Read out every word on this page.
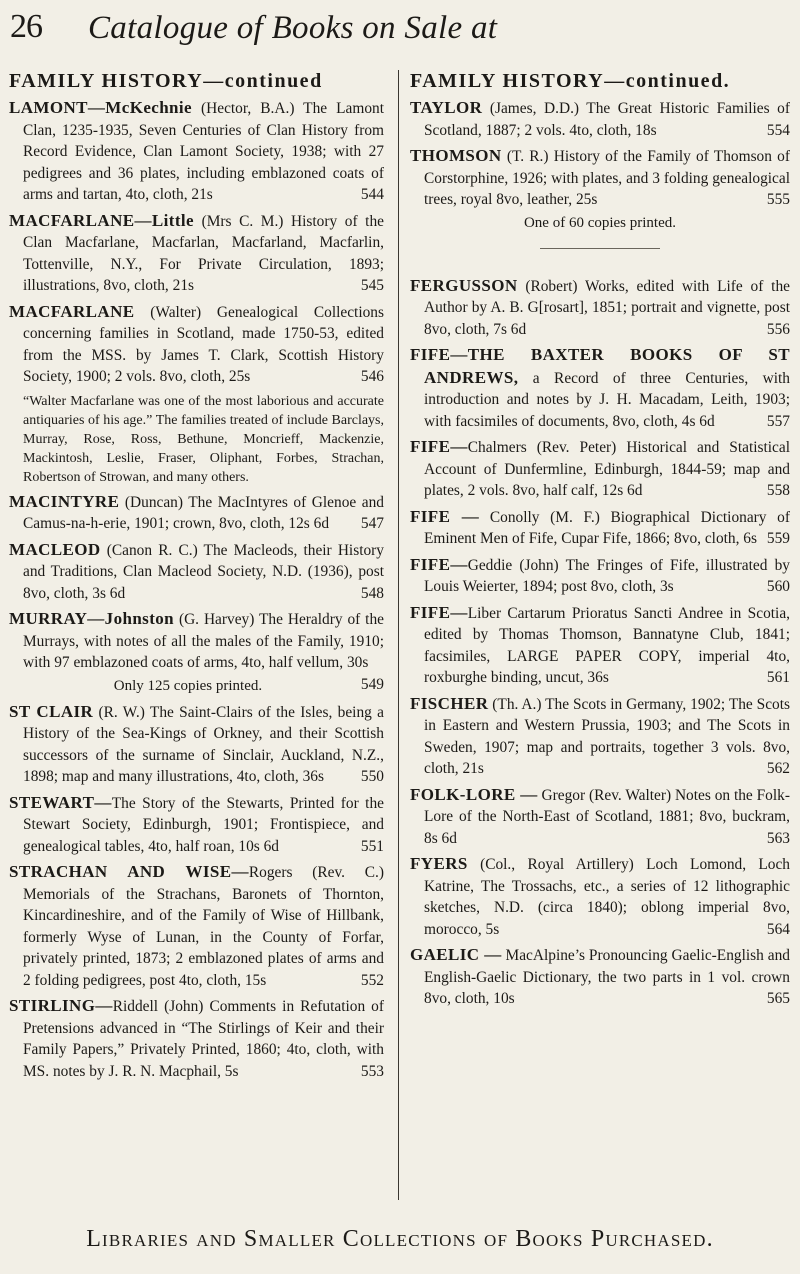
26 Catalogue of Books on Sale at
FAMILY HISTORY—continued

LAMONT—McKechnie (Hector, B.A.) The Lamont Clan, 1235-1935, Seven Centuries of Clan History from Record Evidence, Clan Lamont Society, 1938; with 27 pedigrees and 36 plates, including emblazoned coats of arms and tartan, 4to, cloth, 21s	544

MACFARLANE—Little (Mrs C. M.) History of the Clan Macfarlane, Macfarlan, Macfarland, Macfarlin, Tottenville, N.Y., For Private Circulation, 1893; illustrations, 8vo, cloth, 21s	545

MACFARLANE (Walter) Genealogical Collections concerning families in Scotland, made 1750-53, edited from the MSS. by James T. Clark, Scottish History Society, 1900; 2 vols. 8vo, cloth, 25s	546

“Walter Macfarlane was one of the most laborious and accurate antiquaries of his age.” The families treated of include Barclays, Murray, Rose, Ross, Bethune, Moncrieff, Mackenzie, Mackintosh, Leslie, Fraser, Oliphant, Forbes, Strachan, Robertson of Strowan, and many others.

MACINTYRE (Duncan) The MacIntyres of Glenoe and Camus-na-h-erie, 1901; crown, 8vo, cloth, 12s 6d 547

MACLEOD (Canon R. C.) The Macleods, their History and Traditions, Clan Macleod Society, N.D. (1936), post 8vo, cloth, 3s 6d	548

MURRAY—Johnston (G. Harvey) The Heraldry of the Murrays, with notes of all the males of the Family, 1910; with 97 emblazoned coats of arms, 4to, half vellum, 30s
549

Only 125 copies printed.

ST CLAIR (R. W.) The Saint-Clairs of the Isles, being a History of the Sea-Kings of Orkney, and their Scottish successors of the surname of Sinclair, Auckland, N.Z., 1898; map and many illustrations, 4to, cloth, 36s 550

STEWART—The Story of the Stewarts, Printed for the Stewart Society, Edinburgh, 1901; Frontispiece, and genealogical tables, 4to, half roan, 10s 6d	551

STRACHAN AND WISE—Rogers (Rev. C.) Memorials of the Strachans, Baronets of Thornton, Kincardineshire, and of the Family of Wise of Hillbank, formerly Wyse of Lunan, in the County of Forfar, privately printed, 1873; 2 emblazoned plates of arms and 2 folding pedigrees, post 4to, cloth, 15s	552

STIRLING—Riddell (John) Comments in Refutation of Pretensions advanced in “The Stirlings of Keir and their Family Papers,” Privately Printed, 1860; 4to, cloth, with MS. notes by J. R. N. Macphail, 5s	553

FAMILY HISTORY—continued.

TAYLOR (James, D.D.) The Great Historic Families of Scotland, 1887; 2 vols. 4to, cloth, 18s	554

THOMSON (T. R.) History of the Family of Thomson of Corstorphine, 1926; with plates, and 3 folding genealogical trees, royal 8vo, leather, 25s	555

One of 60 copies printed.

FERGUSSON (Robert) Works, edited with Life of the Author by A. B. G[rosart], 1851; portrait and vignette, post 8vo, cloth, 7s 6d	556

FIFE—THE BAXTER BOOKS OF ST ANDREWS, a Record of three Centuries, with introduction and notes by J. H. Macadam, Leith, 1903; with facsimiles of documents, 8vo, cloth, 4s 6d	557

FIFE—Chalmers (Rev. Peter) Historical and Statistical Account of Dunfermline, Edinburgh, 1844-59; map and plates, 2 vols. 8vo, half calf, 12s 6d	558

FIFE — Conolly (M. F.) Biographical Dictionary of Eminent Men of Fife, Cupar Fife, 1866; 8vo, cloth, 6s 559

FIFE—Geddie (John) The Fringes of Fife, illustrated by Louis Weierter, 1894; post 8vo, cloth, 3s	560

FIFE—Liber Cartarum Prioratus Sancti Andree in Scotia, edited by Thomas Thomson, Bannatyne Club, 1841; facsimiles, LARGE PAPER COPY, imperial 4to, roxburghe binding, uncut, 36s	561

FISCHER (Th. A.) The Scots in Germany, 1902; The Scots in Eastern and Western Prussia, 1903; and The Scots in Sweden, 1907; map and portraits, together 3 vols. 8vo, cloth, 21s	562

FOLK-LORE — Gregor (Rev. Walter) Notes on the Folk-Lore of the North-East of Scotland, 1881; 8vo, buckram, 8s 6d	563

FYERS (Col., Royal Artillery) Loch Lomond, Loch Katrine, The Trossachs, etc., a series of 12 lithographic sketches, N.D. (circa 1840); oblong imperial 8vo, morocco, 5s	564

GAELIC — MacAlpine’s Pronouncing Gaelic-English and English-Gaelic Dictionary, the two parts in 1 vol. crown 8vo, cloth, 10s	565

Libraries and Smaller Collections of Books Purchased.
